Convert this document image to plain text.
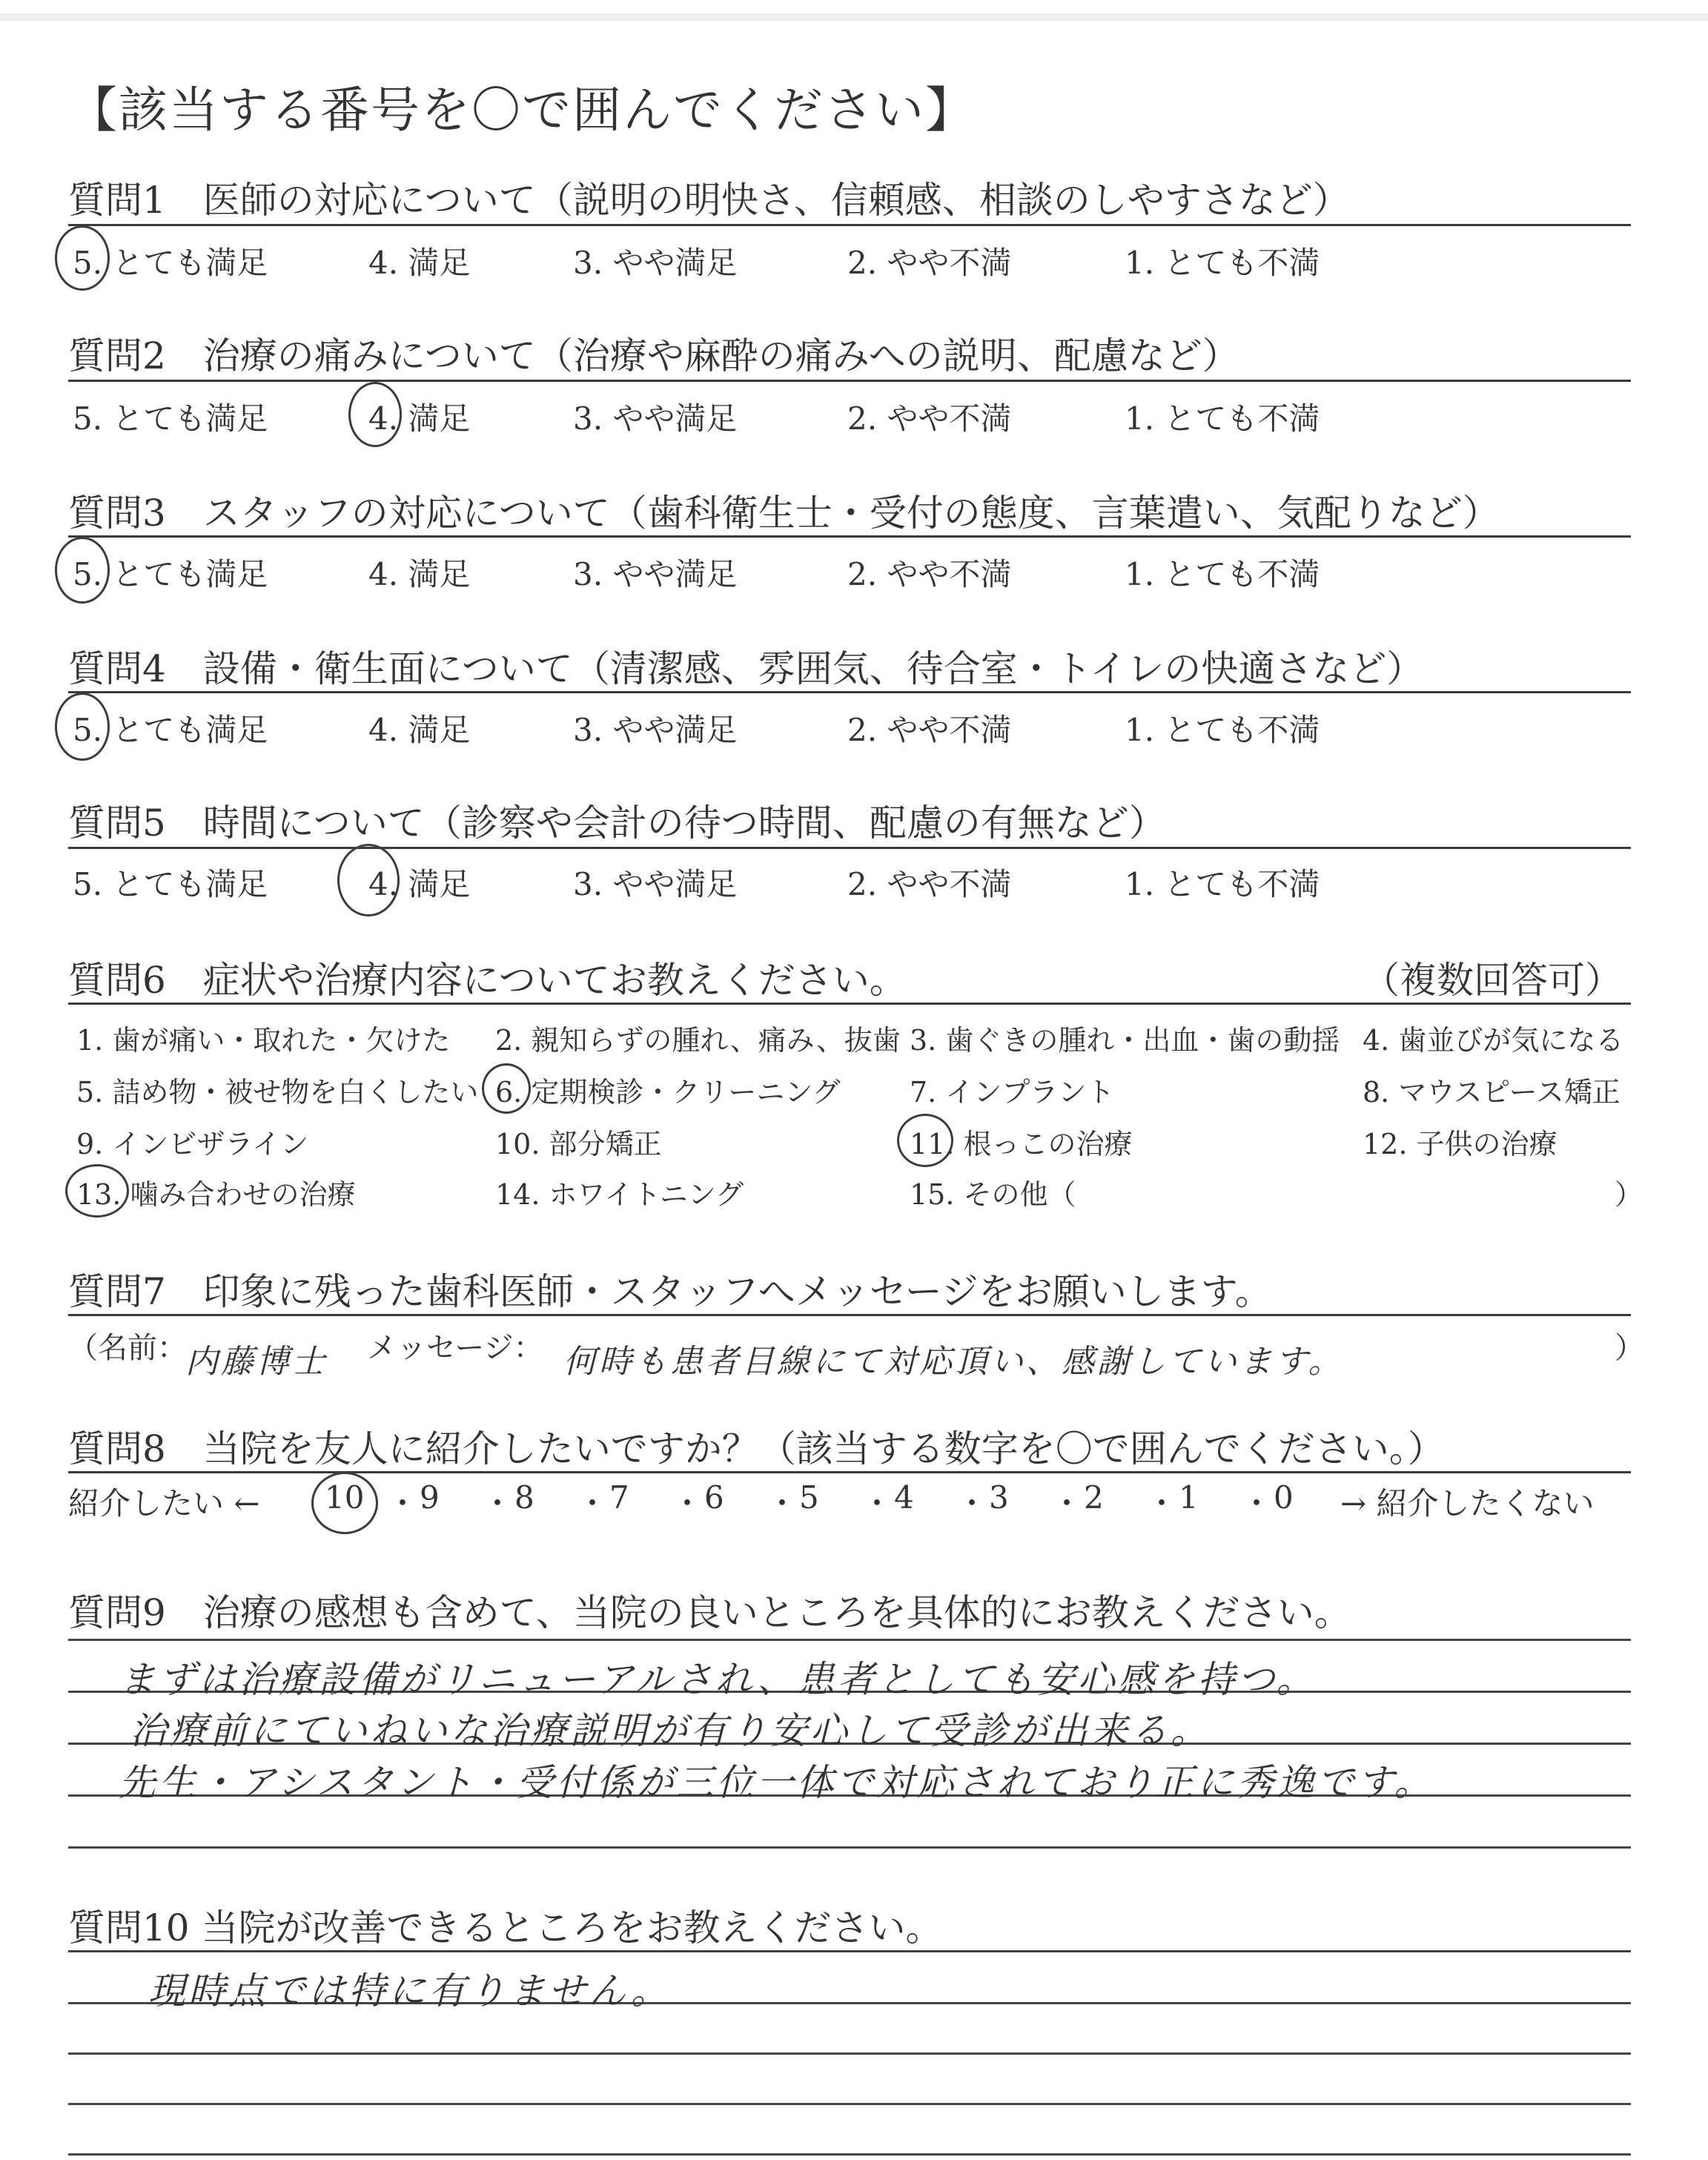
【該当する番号を〇で囲んでください】
質問1　医師の対応について（説明の明快さ、信頼感、相談のしやすさなど）
5. とても満足	4. 満足	3. やや満足	2. やや不満	1. とても不満
質問2　治療の痛みについて（治療や麻酔の痛みへの説明、配慮など）
5. とても満足	4. 満足	3. やや満足	2. やや不満	1. とても不満
質問3　スタッフの対応について（歯科衛生士・受付の態度、言葉遣い、気配りなど）
5. とても満足	4. 満足	3. やや満足	2. やや不満	1. とても不満
質問4　設備・衛生面について（清潔感、雰囲気、待合室・トイレの快適さなど）
5. とても満足	4. 満足	3. やや満足	2. やや不満	1. とても不満
質問5　時間について（診察や会計の待つ時間、配慮の有無など）
5. とても満足	4. 満足	3. やや満足	2. やや不満	1. とても不満
質問6　症状や治療内容についてお教えください。	（複数回答可）
1. 歯が痛い・取れた・欠けた 2. 親知らずの腫れ、痛み、抜歯 3. 歯ぐきの腫れ・出血・歯の動揺 4. 歯並びが気になる
5. 詰め物・被せ物を白くしたい 6. 定期検診・クリーニング 7. インプラント	8. マウスピース矯正
9. インビザライン	10. 部分矯正	11. 根っこの治療	12. 子供の治療
13. 噛み合わせの治療	14. ホワイトニング	15. その他（	）
質問7　印象に残った歯科医師・スタッフへメッセージをお願いします。
（名前：
内藤博士 メッセージ： 何時も患者目線にて対応頂い、感謝しています。	）
質問8　当院を友人に紹介したいですか？（該当する数字を〇で囲んでください。）
紹介したい ←	→ 紹介したくない
10 ・ 9 ・ 8 ・ 7 ・ 6 ・ 5 ・ 4 ・ 3 ・ 2 ・ 1 ・ 0
質問9　治療の感想も含めて、当院の良いところを具体的にお教えください。
まずは治療設備がリニューアルされ、患者としても安心感を持つ。
治療前にていねいな治療説明が有り安心して受診が出来る。
先生・アシスタント・受付係が三位一体で対応されており正に秀逸です。
質問10 当院が改善できるところをお教えください。
現時点では特に有りません。
